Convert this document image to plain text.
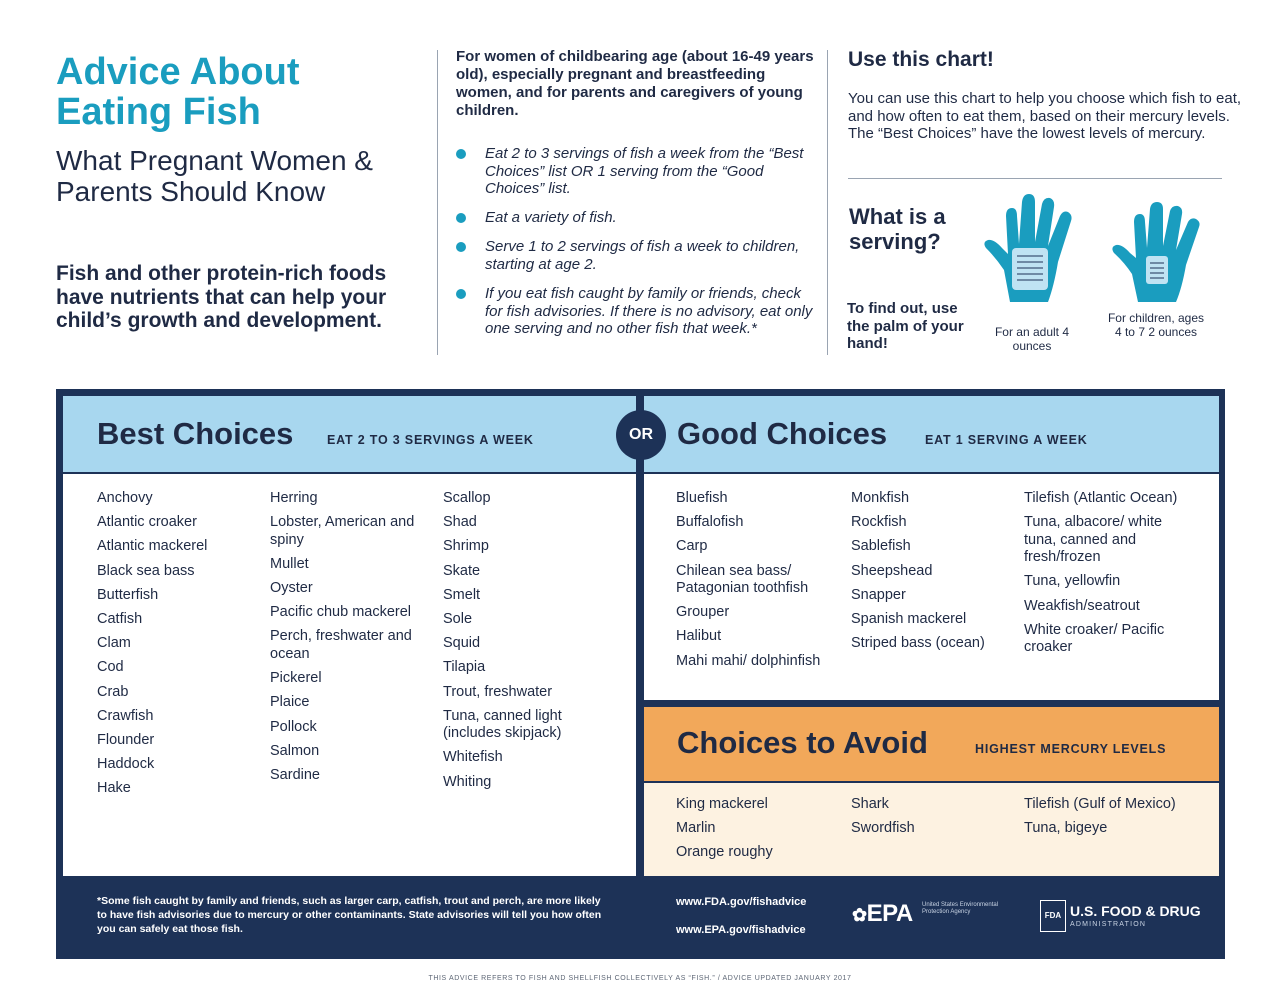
Advice About Eating Fish
What Pregnant Women & Parents Should Know
Fish and other protein-rich foods have nutrients that can help your child’s growth and development.
For women of childbearing age (about 16-49 years old), especially pregnant and breastfeeding women, and for parents and caregivers of young children.
Eat 2 to 3 servings of fish a week from the “Best Choices” list OR 1 serving from the “Good Choices” list.
Eat a variety of fish.
Serve 1 to 2 servings of fish a week to children, starting at age 2.
If you eat fish caught by family or friends, check for fish advisories. If there is no advisory, eat only one serving and no other fish that week.*
Use this chart!
You can use this chart to help you choose which fish to eat, and how often to eat them, based on their mercury levels. The “Best Choices” have the lowest levels of mercury.
What is a serving?
To find out, use the palm of your hand!
For an adult 4 ounces
For children, ages 4 to 7 2 ounces
Best Choices	EAT 2 TO 3 SERVINGS A WEEK
Anchovy
Atlantic croaker
Atlantic mackerel
Black sea bass
Butterfish
Catfish
Clam
Cod
Crab
Crawfish
Flounder
Haddock
Hake
Herring
Lobster, American and spiny
Mullet
Oyster
Pacific chub mackerel
Perch, freshwater and ocean
Pickerel
Plaice
Pollock
Salmon
Sardine
Scallop
Shad
Shrimp
Skate
Smelt
Sole
Squid
Tilapia
Trout, freshwater
Tuna, canned light (includes skipjack)
Whitefish
Whiting
Good Choices	EAT 1 SERVING A WEEK
Bluefish
Buffalofish
Carp
Chilean sea bass/ Patagonian toothfish
Grouper
Halibut
Mahi mahi/ dolphinfish
Monkfish
Rockfish
Sablefish
Sheepshead
Snapper
Spanish mackerel
Striped bass (ocean)
Tilefish (Atlantic Ocean)
Tuna, albacore/ white tuna, canned and fresh/frozen
Tuna, yellowfin
Weakfish/seatrout
White croaker/ Pacific croaker
Choices to Avoid	HIGHEST MERCURY LEVELS
King mackerel
Marlin
Orange roughy
Shark
Swordfish
Tilefish (Gulf of Mexico)
Tuna, bigeye
OR
*Some fish caught by family and friends, such as larger carp, catfish, trout and perch, are more likely to have fish advisories due to mercury or other contaminants. State advisories will tell you how often you can safely eat those fish.
www.FDA.gov/fishadvice
www.EPA.gov/fishadvice
✿EPA United States Environmental Protection Agency	FDA U.S. FOOD & DRUG
ADMINISTRATION
THIS ADVICE REFERS TO FISH AND SHELLFISH COLLECTIVELY AS “FISH.” / ADVICE UPDATED JANUARY 2017
